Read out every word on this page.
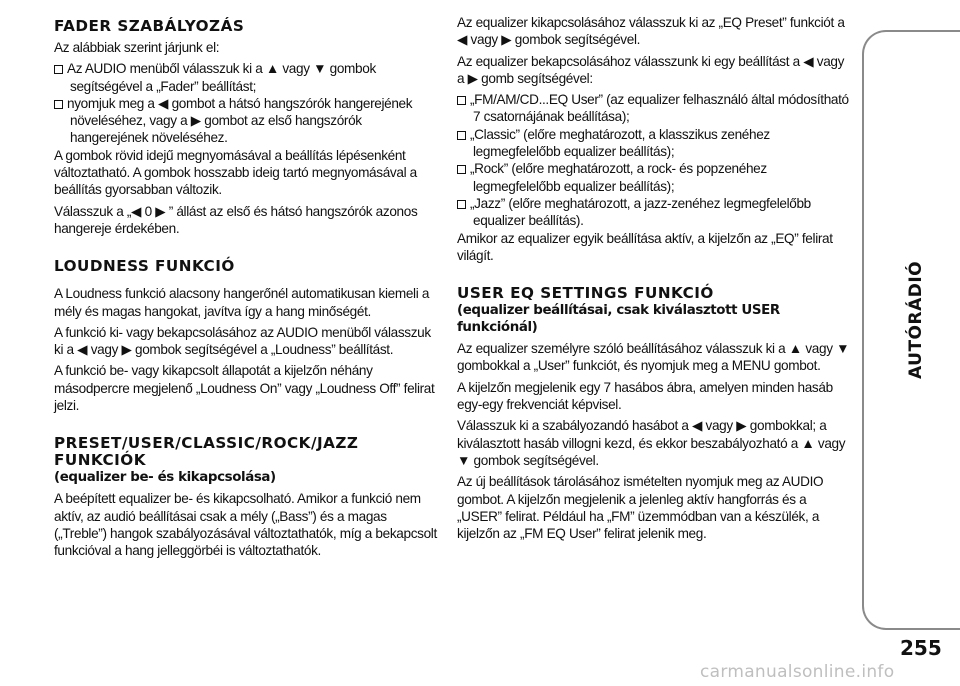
FADER SZABÁLYOZÁS

Az alábbiak szerint járjunk el:

Az AUDIO menüből válasszuk ki a ▲ vagy ▼ gombok segítségével a „Fader” beállítást;
nyomjuk meg a ◀ gombot a hátsó hangszórók hangerejének növeléséhez, vagy a ▶ gombot az első hangszórók hangerejének növeléséhez.

A gombok rövid idejű megnyomásával a beállítás lépésenként változtatható. A gombok hosszabb ideig tartó megnyomásával a beállítás gyorsabban változik.

Válasszuk a „◀ 0 ▶ ” állást az első és hátsó hangszórók azonos hangereje érdekében.

LOUDNESS FUNKCIÓ

A Loudness funkció alacsony hangerőnél automatikusan kiemeli a mély és magas hangokat, javítva így a hang minőségét.

A funkció ki- vagy bekapcsolásához az AUDIO menüből válasszuk ki a ◀ vagy ▶ gombok segítségével a „Loudness” beállítást.

A funkció be- vagy kikapcsolt állapotát a kijelzőn néhány másodpercre megjelenő „Loudness On” vagy „Loudness Off” felirat jelzi.

PRESET/USER/CLASSIC/ROCK/JAZZ FUNKCIÓK
(equalizer be- és kikapcsolása)

A beépített equalizer be- és kikapcsolható. Amikor a funkció nem aktív, az audió beállításai csak a mély („Bass”) és a magas („Treble”) hangok szabályozásával változtathatók, míg a bekapcsolt funkcióval a hang jelleggörbéi is változtathatók.

Az equalizer kikapcsolásához válasszuk ki az „EQ Preset” funkciót a ◀ vagy ▶ gombok segítségével.

Az equalizer bekapcsolásához válasszunk ki egy beállítást a ◀ vagy a ▶ gomb segítségével:

„FM/AM/CD...EQ User” (az equalizer felhasználó által módosítható 7 csatornájának beállítása);
„Classic” (előre meghatározott, a klasszikus zenéhez legmegfelelőbb equalizer beállítás);
„Rock” (előre meghatározott, a rock- és popzenéhez legmegfelelőbb equalizer beállítás);
„Jazz” (előre meghatározott, a jazz-zenéhez legmegfelelőbb equalizer beállítás).

Amikor az equalizer egyik beállítása aktív, a kijelzőn az „EQ” felirat világít.

USER EQ SETTINGS FUNKCIÓ
(equalizer beállításai, csak kiválasztott USER funkciónál)

Az equalizer személyre szóló beállításához válasszuk ki a ▲ vagy ▼ gombokkal a „User” funkciót, és nyomjuk meg a MENU gombot.

A kijelzőn megjelenik egy 7 hasábos ábra, amelyen minden hasáb egy-egy frekvenciát képvisel.

Válasszuk ki a szabályozandó hasábot a ◀ vagy ▶ gombokkal; a kiválasztott hasáb villogni kezd, és ekkor beszabályozható a ▲ vagy ▼ gombok segítségével.

Az új beállítások tárolásához ismételten nyomjuk meg az AUDIO gombot. A kijelzőn megjelenik a jelenleg aktív hangforrás és a „USER” felirat. Például ha „FM” üzemmódban van a készülék, a kijelzőn az „FM EQ User” felirat jelenik meg.

AUTÓRÁDIÓ
255
carmanualsonline.info
